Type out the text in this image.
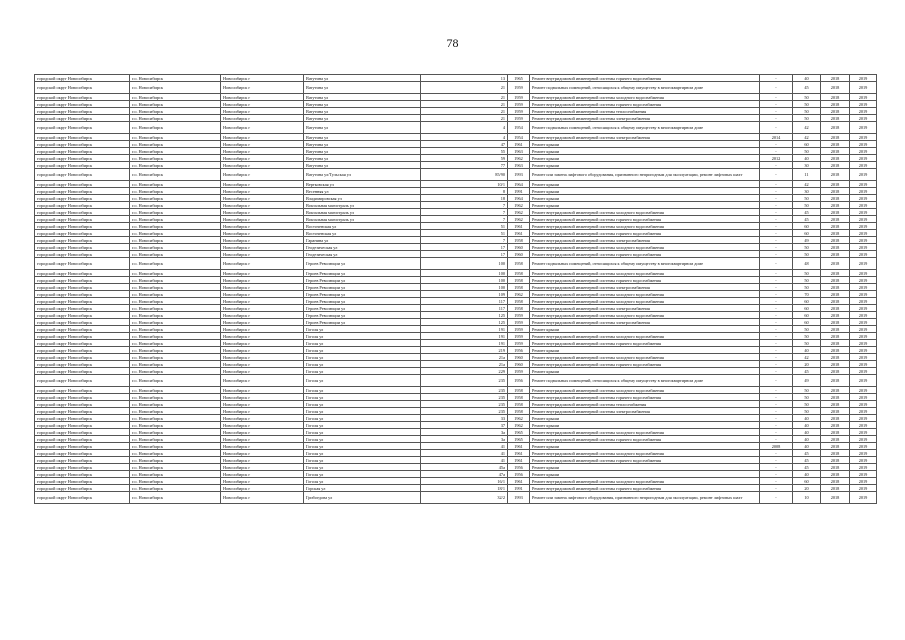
78
городской округ Новосибирск	г.о. Новосибирск	Новосибирск г	Ватутина ул	13	1965	Ремонт внутридомовой инженерной системы горячего водоснабжения	-	40	2018	2019
городской округ Новосибирск	г.о. Новосибирск	Новосибирск г	Ватутина ул	21	1959	Ремонт подвальных помещений, относящихся к общему имуществу в многоквартирном доме	-	45	2018	2019
городской округ Новосибирск	г.о. Новосибирск	Новосибирск г	Ватутина ул	21	1959	Ремонт внутридомовой инженерной системы холодного водоснабжения	-	50	2018	2019
городской округ Новосибирск	г.о. Новосибирск	Новосибирск г	Ватутина ул	21	1959	Ремонт внутридомовой инженерной системы горячего водоснабжения	-	50	2018	2019
городской округ Новосибирск	г.о. Новосибирск	Новосибирск г	Ватутина ул	21	1959	Ремонт внутридомовой инженерной системы теплоснабжения	-	50	2018	2019
городской округ Новосибирск	г.о. Новосибирск	Новосибирск г	Ватутина ул	21	1959	Ремонт внутридомовой инженерной системы электроснабжения	-	50	2018	2019
городской округ Новосибирск	г.о. Новосибирск	Новосибирск г	Ватутина ул	4	1954	Ремонт подвальных помещений, относящихся к общему имуществу в многоквартирном доме	-	42	2018	2019
городской округ Новосибирск	г.о. Новосибирск	Новосибирск г	Ватутина ул	4	1954	Ремонт внутридомовой инженерной системы электроснабжения	2014	42	2018	2019
городской округ Новосибирск	г.о. Новосибирск	Новосибирск г	Ватутина ул	47	1961	Ремонт крыши	-	60	2018	2019
городской округ Новосибирск	г.о. Новосибирск	Новосибирск г	Ватутина ул	55	1963	Ремонт крыши	-	50	2018	2019
городской округ Новосибирск	г.о. Новосибирск	Новосибирск г	Ватутина ул	59	1962	Ремонт крыши	2012	40	2018	2019
городской округ Новосибирск	г.о. Новосибирск	Новосибирск г	Ватутина ул	77	1963	Ремонт крыши	-	30	2018	2019
городской округ Новосибирск	г.о. Новосибирск	Новосибирск г	Ватутина ул/Тульская ул	85/90	1993	Ремонт или замена лифтового оборудования, признанного непригодным для эксплуатации, ремонт лифтовых шахт	-	11	2018	2019
городской округ Новосибирск	г.о. Новосибирск	Новосибирск г	Вертковская ул	10/1	1964	Ремонт крыши	-	42	2018	2019
городской округ Новосибирск	г.о. Новосибирск	Новосибирск г	Весенняя ул	8	1991	Ремонт крыши	-	30	2018	2019
городской округ Новосибирск	г.о. Новосибирск	Новосибирск г	Владимировская ул	18	1964	Ремонт крыши	-	50	2018	2019
городской округ Новосибирск	г.о. Новосибирск	Новосибирск г	Вокзальная магистраль ул	7	1962	Ремонт крыши	-	50	2018	2019
городской округ Новосибирск	г.о. Новосибирск	Новосибирск г	Вокзальная магистраль ул	7	1962	Ремонт внутридомовой инженерной системы холодного водоснабжения	-	45	2018	2019
городской округ Новосибирск	г.о. Новосибирск	Новосибирск г	Вокзальная магистраль ул	7	1962	Ремонт внутридомовой инженерной системы горячего водоснабжения	-	45	2018	2019
городской округ Новосибирск	г.о. Новосибирск	Новосибирск г	Восточенская ул	51	1961	Ремонт внутридомовой инженерной системы холодного водоснабжения	-	60	2018	2019
городской округ Новосибирск	г.о. Новосибирск	Новосибирск г	Восточенская ул	51	1961	Ремонт внутридомовой инженерной системы горячего водоснабжения	-	60	2018	2019
городской округ Новосибирск	г.о. Новосибирск	Новосибирск г	Гаранина ул	7	1958	Ремонт внутридомовой инженерной системы электроснабжения	-	49	2018	2019
городской округ Новосибирск	г.о. Новосибирск	Новосибирск г	Геодезическая ул	17	1960	Ремонт внутридомовой инженерной системы холодного водоснабжения	-	50	2018	2019
городской округ Новосибирск	г.о. Новосибирск	Новосибирск г	Геодезическая ул	17	1960	Ремонт внутридомовой инженерной системы горячего водоснабжения	-	50	2018	2019
городской округ Новосибирск	г.о. Новосибирск	Новосибирск г	Героев Революции ул	100	1958	Ремонт подвальных помещений, относящихся к общему имуществу в многоквартирном доме	-	48	2018	2019
городской округ Новосибирск	г.о. Новосибирск	Новосибирск г	Героев Революции ул	100	1958	Ремонт внутридомовой инженерной системы холодного водоснабжения	-	50	2018	2019
городской округ Новосибирск	г.о. Новосибирск	Новосибирск г	Героев Революции ул	100	1958	Ремонт внутридомовой инженерной системы горячего водоснабжения	-	50	2018	2019
городской округ Новосибирск	г.о. Новосибирск	Новосибирск г	Героев Революции ул	100	1958	Ремонт внутридомовой инженерной системы электроснабжения	-	50	2018	2019
городской округ Новосибирск	г.о. Новосибирск	Новосибирск г	Героев Революции ул	109	1962	Ремонт внутридомовой инженерной системы холодного водоснабжения	-	70	2018	2019
городской округ Новосибирск	г.о. Новосибирск	Новосибирск г	Героев Революции ул	117	1958	Ремонт внутридомовой инженерной системы холодного водоснабжения	-	60	2018	2019
городской округ Новосибирск	г.о. Новосибирск	Новосибирск г	Героев Революции ул	117	1958	Ремонт внутридомовой инженерной системы электроснабжения	-	60	2018	2019
городской округ Новосибирск	г.о. Новосибирск	Новосибирск г	Героев Революции ул	125	1959	Ремонт внутридомовой инженерной системы холодного водоснабжения	-	60	2018	2019
городской округ Новосибирск	г.о. Новосибирск	Новосибирск г	Героев Революции ул	125	1959	Ремонт внутридомовой инженерной системы электроснабжения	-	60	2018	2019
городской округ Новосибирск	г.о. Новосибирск	Новосибирск г	Гоголя ул	191	1959	Ремонт крыши	-	50	2018	2019
городской округ Новосибирск	г.о. Новосибирск	Новосибирск г	Гоголя ул	191	1959	Ремонт внутридомовой инженерной системы холодного водоснабжения	-	50	2018	2019
городской округ Новосибирск	г.о. Новосибирск	Новосибирск г	Гоголя ул	191	1959	Ремонт внутридомовой инженерной системы горячего водоснабжения	-	50	2018	2019
городской округ Новосибирск	г.о. Новосибирск	Новосибирск г	Гоголя ул	219	1956	Ремонт крыши	-	40	2018	2019
городской округ Новосибирск	г.о. Новосибирск	Новосибирск г	Гоголя ул	21а	1960	Ремонт внутридомовой инженерной системы холодного водоснабжения	-	42	2018	2019
городской округ Новосибирск	г.о. Новосибирск	Новосибирск г	Гоголя ул	21а	1960	Ремонт внутридомовой инженерной системы горячего водоснабжения	-	20	2018	2019
городской округ Новосибирск	г.о. Новосибирск	Новосибирск г	Гоголя ул	229	1959	Ремонт крыши	-	45	2018	2019
городской округ Новосибирск	г.о. Новосибирск	Новосибирск г	Гоголя ул	235	1956	Ремонт подвальных помещений, относящихся к общему имуществу в многоквартирном доме	-	49	2018	2019
городской округ Новосибирск	г.о. Новосибирск	Новосибирск г	Гоголя ул	235	1958	Ремонт внутридомовой инженерной системы холодного водоснабжения	-	50	2018	2019
городской округ Новосибирск	г.о. Новосибирск	Новосибирск г	Гоголя ул	235	1958	Ремонт внутридомовой инженерной системы горячего водоснабжения	-	50	2018	2019
городской округ Новосибирск	г.о. Новосибирск	Новосибирск г	Гоголя ул	235	1958	Ремонт внутридомовой инженерной системы теплоснабжения	-	50	2018	2019
городской округ Новосибирск	г.о. Новосибирск	Новосибирск г	Гоголя ул	235	1958	Ремонт внутридомовой инженерной системы электроснабжения	-	50	2018	2019
городской округ Новосибирск	г.о. Новосибирск	Новосибирск г	Гоголя ул	33	1962	Ремонт крыши	-	40	2018	2019
городской округ Новосибирск	г.о. Новосибирск	Новосибирск г	Гоголя ул	37	1962	Ремонт крыши	-	40	2018	2019
городской округ Новосибирск	г.о. Новосибирск	Новосибирск г	Гоголя ул	3а	1965	Ремонт внутридомовой инженерной системы холодного водоснабжения	-	40	2018	2019
городской округ Новосибирск	г.о. Новосибирск	Новосибирск г	Гоголя ул	3а	1965	Ремонт внутридомовой инженерной системы горячего водоснабжения	-	40	2018	2019
городской округ Новосибирск	г.о. Новосибирск	Новосибирск г	Гоголя ул	41	1961	Ремонт крыши	2008	40	2018	2019
городской округ Новосибирск	г.о. Новосибирск	Новосибирск г	Гоголя ул	41	1961	Ремонт внутридомовой инженерной системы холодного водоснабжения	-	45	2018	2019
городской округ Новосибирск	г.о. Новосибирск	Новосибирск г	Гоголя ул	41	1961	Ремонт внутридомовой инженерной системы горячего водоснабжения	-	45	2018	2019
городской округ Новосибирск	г.о. Новосибирск	Новосибирск г	Гоголя ул	45а	1956	Ремонт крыши	-	45	2018	2019
городской округ Новосибирск	г.о. Новосибирск	Новосибирск г	Гоголя ул	47а	1956	Ремонт крыши	-	40	2018	2019
городской округ Новосибирск	г.о. Новосибирск	Новосибирск г	Гоголя ул	16/1	1961	Ремонт внутридомовой инженерной системы холодного водоснабжения	-	60	2018	2019
городской округ Новосибирск	г.о. Новосибирск	Новосибирск г	Горская ул	18/1	1991	Ремонт внутридомовой инженерной системы горячего водоснабжения	-	20	2018	2019
городской округ Новосибирск	г.о. Новосибирск	Новосибирск г	Грибоедова ул	32/2	1993	Ремонт или замена лифтового оборудования, признанного непригодным для эксплуатации, ремонт лифтовых шахт	-	10	2018	2019
